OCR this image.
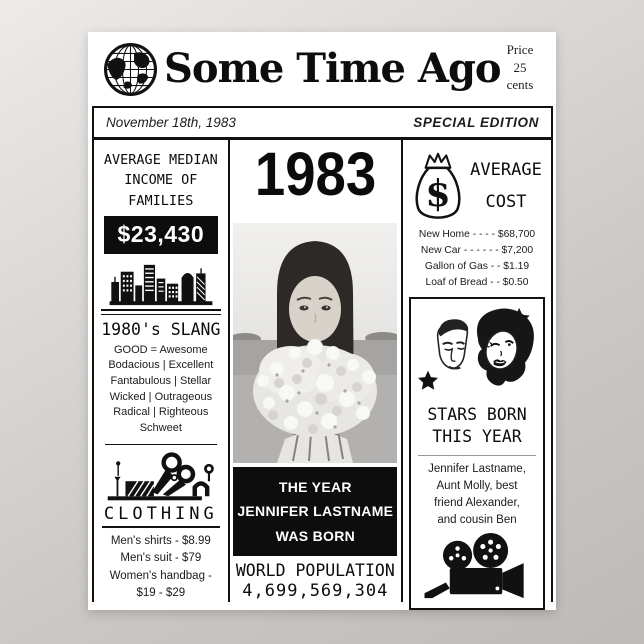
Some Time Ago Price
25
cents
November 18th, 1983	SPECIAL EDITION
AVERAGE MEDIAN INCOME OF FAMILIES
$23,430
1980's SLANG
GOOD = Awesome
Bodacious | Excellent
Fantabulous | Stellar
Wicked | Outrageous
Radical | Righteous
Schweet
CLOTHING
Men's shirts - $8.99
Men's suit - $79
Women's handbag -
$19 - $29
1983
THE YEAR
JENNIFER LASTNAME
WAS BORN
WORLD POPULATION
4,699,569,304
$
AVERAGE
COST
New Home - - - - $68,700
New Car - - - - - - $7,200
Gallon of Gas - - $1.19
Loaf of Bread - - $0.50
STARS BORN
THIS YEAR
Jennifer Lastname,
Aunt Molly, best
friend Alexander,
and cousin Ben
